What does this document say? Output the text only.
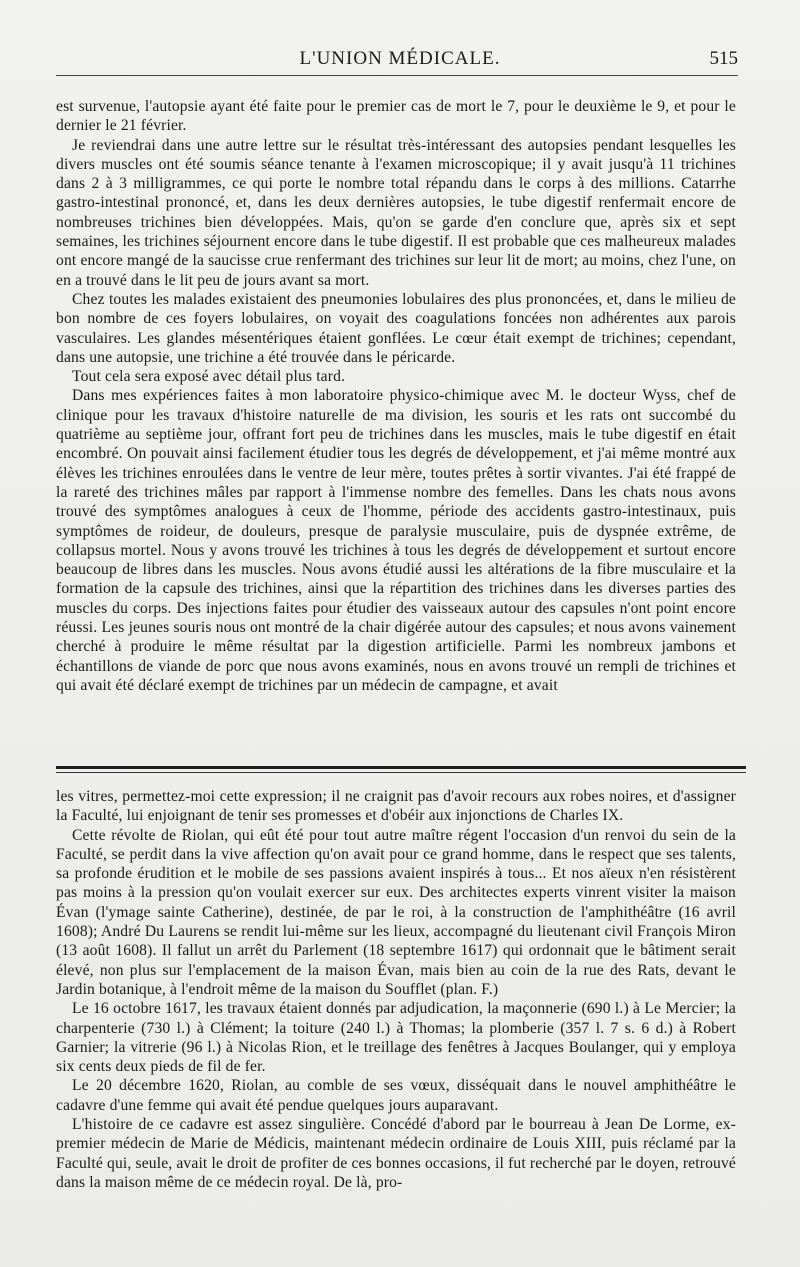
L'UNION MÉDICALE.	515

est survenue, l'autopsie ayant été faite pour le premier cas de mort le 7, pour le deuxième le 9, et pour le dernier le 21 février.

Je reviendrai dans une autre lettre sur le résultat très-intéressant des autopsies pendant lesquelles les divers muscles ont été soumis séance tenante à l'examen microscopique; il y avait jusqu'à 11 trichines dans 2 à 3 milligrammes, ce qui porte le nombre total répandu dans le corps à des millions. Catarrhe gastro-intestinal prononcé, et, dans les deux dernières autopsies, le tube digestif renfermait encore de nombreuses trichines bien développées. Mais, qu'on se garde d'en conclure que, après six et sept semaines, les trichines séjournent encore dans le tube digestif. Il est probable que ces malheureux malades ont encore mangé de la saucisse crue renfermant des trichines sur leur lit de mort; au moins, chez l'une, on en a trouvé dans le lit peu de jours avant sa mort.

Chez toutes les malades existaient des pneumonies lobulaires des plus prononcées, et, dans le milieu de bon nombre de ces foyers lobulaires, on voyait des coagulations foncées non adhérentes aux parois vasculaires. Les glandes mésentériques étaient gonflées. Le cœur était exempt de trichines; cependant, dans une autopsie, une trichine a été trouvée dans le péricarde.

Tout cela sera exposé avec détail plus tard.

Dans mes expériences faites à mon laboratoire physico-chimique avec M. le docteur Wyss, chef de clinique pour les travaux d'histoire naturelle de ma division, les souris et les rats ont succombé du quatrième au septième jour, offrant fort peu de trichines dans les muscles, mais le tube digestif en était encombré. On pouvait ainsi facilement étudier tous les degrés de développement, et j'ai même montré aux élèves les trichines enroulées dans le ventre de leur mère, toutes prêtes à sortir vivantes. J'ai été frappé de la rareté des trichines mâles par rapport à l'immense nombre des femelles. Dans les chats nous avons trouvé des symptômes analogues à ceux de l'homme, période des accidents gastro-intestinaux, puis symptômes de roideur, de douleurs, presque de paralysie musculaire, puis de dyspnée extrême, de collapsus mortel. Nous y avons trouvé les trichines à tous les degrés de développement et surtout encore beaucoup de libres dans les muscles. Nous avons étudié aussi les altérations de la fibre musculaire et la formation de la capsule des trichines, ainsi que la répartition des trichines dans les diverses parties des muscles du corps. Des injections faites pour étudier des vaisseaux autour des capsules n'ont point encore réussi. Les jeunes souris nous ont montré de la chair digérée autour des capsules; et nous avons vainement cherché à produire le même résultat par la digestion artificielle. Parmi les nombreux jambons et échantillons de viande de porc que nous avons examinés, nous en avons trouvé un rempli de trichines et qui avait été déclaré exempt de trichines par un médecin de campagne, et avait

les vitres, permettez-moi cette expression; il ne craignit pas d'avoir recours aux robes noires, et d'assigner la Faculté, lui enjoignant de tenir ses promesses et d'obéir aux injonctions de Charles IX.

Cette révolte de Riolan, qui eût été pour tout autre maître régent l'occasion d'un renvoi du sein de la Faculté, se perdit dans la vive affection qu'on avait pour ce grand homme, dans le respect que ses talents, sa profonde érudition et le mobile de ses passions avaient inspirés à tous... Et nos aïeux n'en résistèrent pas moins à la pression qu'on voulait exercer sur eux. Des architectes experts vinrent visiter la maison Évan (l'ymage sainte Catherine), destinée, de par le roi, à la construction de l'amphithéâtre (16 avril 1608); André Du Laurens se rendit lui-même sur les lieux, accompagné du lieutenant civil François Miron (13 août 1608). Il fallut un arrêt du Parlement (18 septembre 1617) qui ordonnait que le bâtiment serait élevé, non plus sur l'emplacement de la maison Évan, mais bien au coin de la rue des Rats, devant le Jardin botanique, à l'endroit même de la maison du Soufflet (plan. F.)

Le 16 octobre 1617, les travaux étaient donnés par adjudication, la maçonnerie (690 l.) à Le Mercier; la charpenterie (730 l.) à Clément; la toiture (240 l.) à Thomas; la plomberie (357 l. 7 s. 6 d.) à Robert Garnier; la vitrerie (96 l.) à Nicolas Rion, et le treillage des fenêtres à Jacques Boulanger, qui y employa six cents deux pieds de fil de fer.

Le 20 décembre 1620, Riolan, au comble de ses vœux, disséquait dans le nouvel amphithéâtre le cadavre d'une femme qui avait été pendue quelques jours auparavant.

L'histoire de ce cadavre est assez singulière. Concédé d'abord par le bourreau à Jean De Lorme, ex-premier médecin de Marie de Médicis, maintenant médecin ordinaire de Louis XIII, puis réclamé par la Faculté qui, seule, avait le droit de profiter de ces bonnes occasions, il fut recherché par le doyen, retrouvé dans la maison même de ce médecin royal. De là, pro-
